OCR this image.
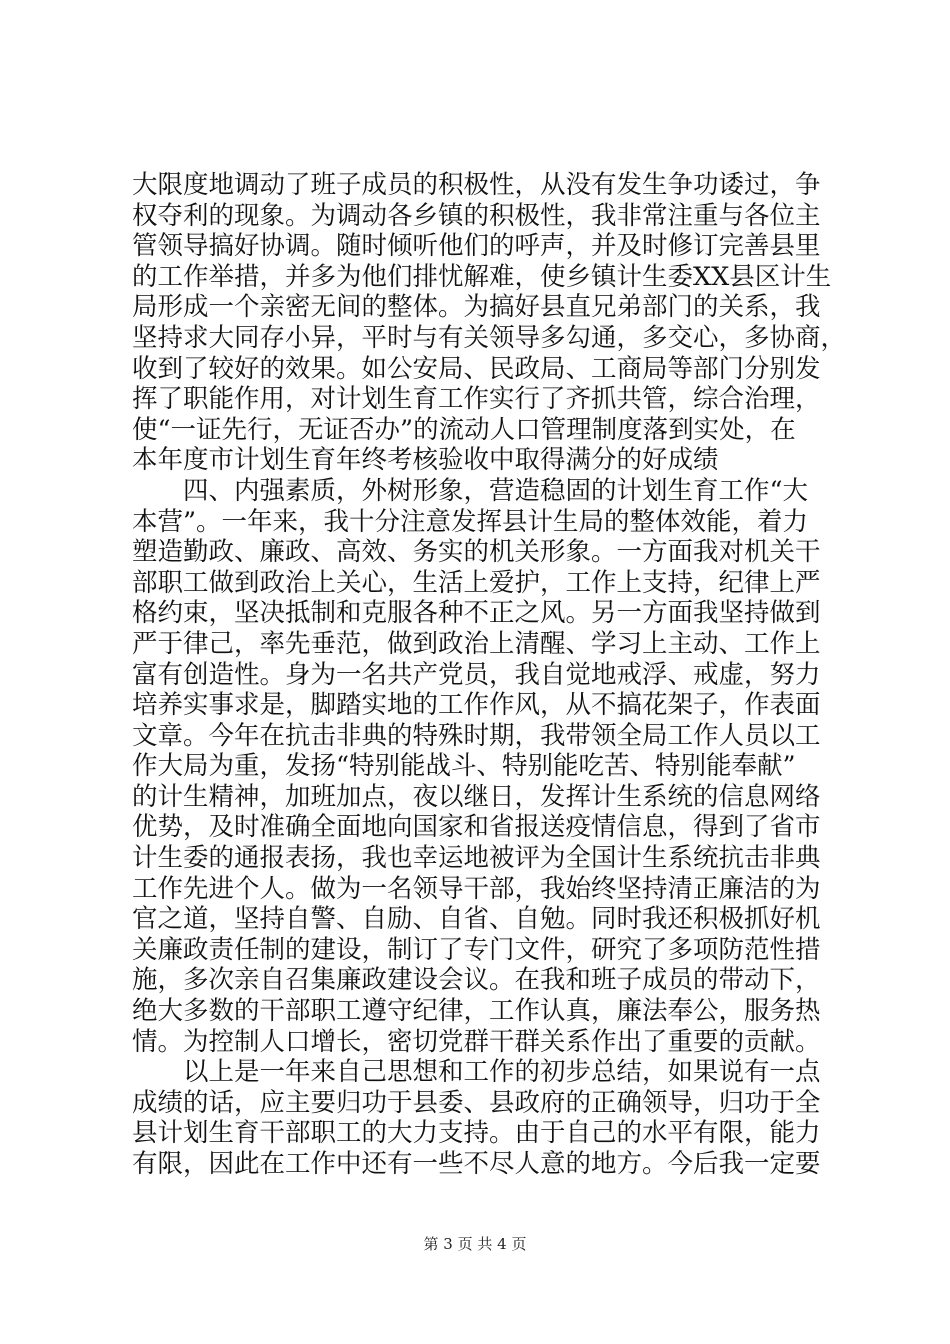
大限度地调动了班子成员的积极性，从没有发生争功诿过，争
权夺利的现象。为调动各乡镇的积极性，我非常注重与各位主
管领导搞好协调。随时倾听他们的呼声，并及时修订完善县里
的工作举措，并多为他们排忧解难，使乡镇计生委XX县区计生
局形成一个亲密无间的整体。为搞好县直兄弟部门的关系，我
坚持求大同存小异，平时与有关领导多勾通，多交心，多协商，
收到了较好的效果。如公安局、民政局、工商局等部门分别发
挥了职能作用，对计划生育工作实行了齐抓共管，综合治理，
使“一证先行，无证否办”的流动人口管理制度落到实处，在
本年度市计划生育年终考核验收中取得满分的好成绩
　　四、内强素质，外树形象，营造稳固的计划生育工作“大
本营”。一年来，我十分注意发挥县计生局的整体效能，着力
塑造勤政、廉政、高效、务实的机关形象。一方面我对机关干
部职工做到政治上关心，生活上爱护，工作上支持，纪律上严
格约束，坚决抵制和克服各种不正之风。另一方面我坚持做到
严于律己，率先垂范，做到政治上清醒、学习上主动、工作上
富有创造性。身为一名共产党员，我自觉地戒浮、戒虚，努力
培养实事求是，脚踏实地的工作作风，从不搞花架子，作表面
文章。今年在抗击非典的特殊时期，我带领全局工作人员以工
作大局为重，发扬“特别能战斗、特别能吃苦、特别能奉献”
的计生精神，加班加点，夜以继日，发挥计生系统的信息网络
优势，及时准确全面地向国家和省报送疫情信息，得到了省市
计生委的通报表扬，我也幸运地被评为全国计生系统抗击非典
工作先进个人。做为一名领导干部，我始终坚持清正廉洁的为
官之道，坚持自警、自励、自省、自勉。同时我还积极抓好机
关廉政责任制的建设，制订了专门文件，研究了多项防范性措
施，多次亲自召集廉政建设会议。在我和班子成员的带动下，
绝大多数的干部职工遵守纪律，工作认真，廉法奉公，服务热
情。为控制人口增长，密切党群干群关系作出了重要的贡献。
　　以上是一年来自己思想和工作的初步总结，如果说有一点
成绩的话，应主要归功于县委、县政府的正确领导，归功于全
县计划生育干部职工的大力支持。由于自己的水平有限，能力
有限，因此在工作中还有一些不尽人意的地方。今后我一定要
第 3 页 共 4 页
